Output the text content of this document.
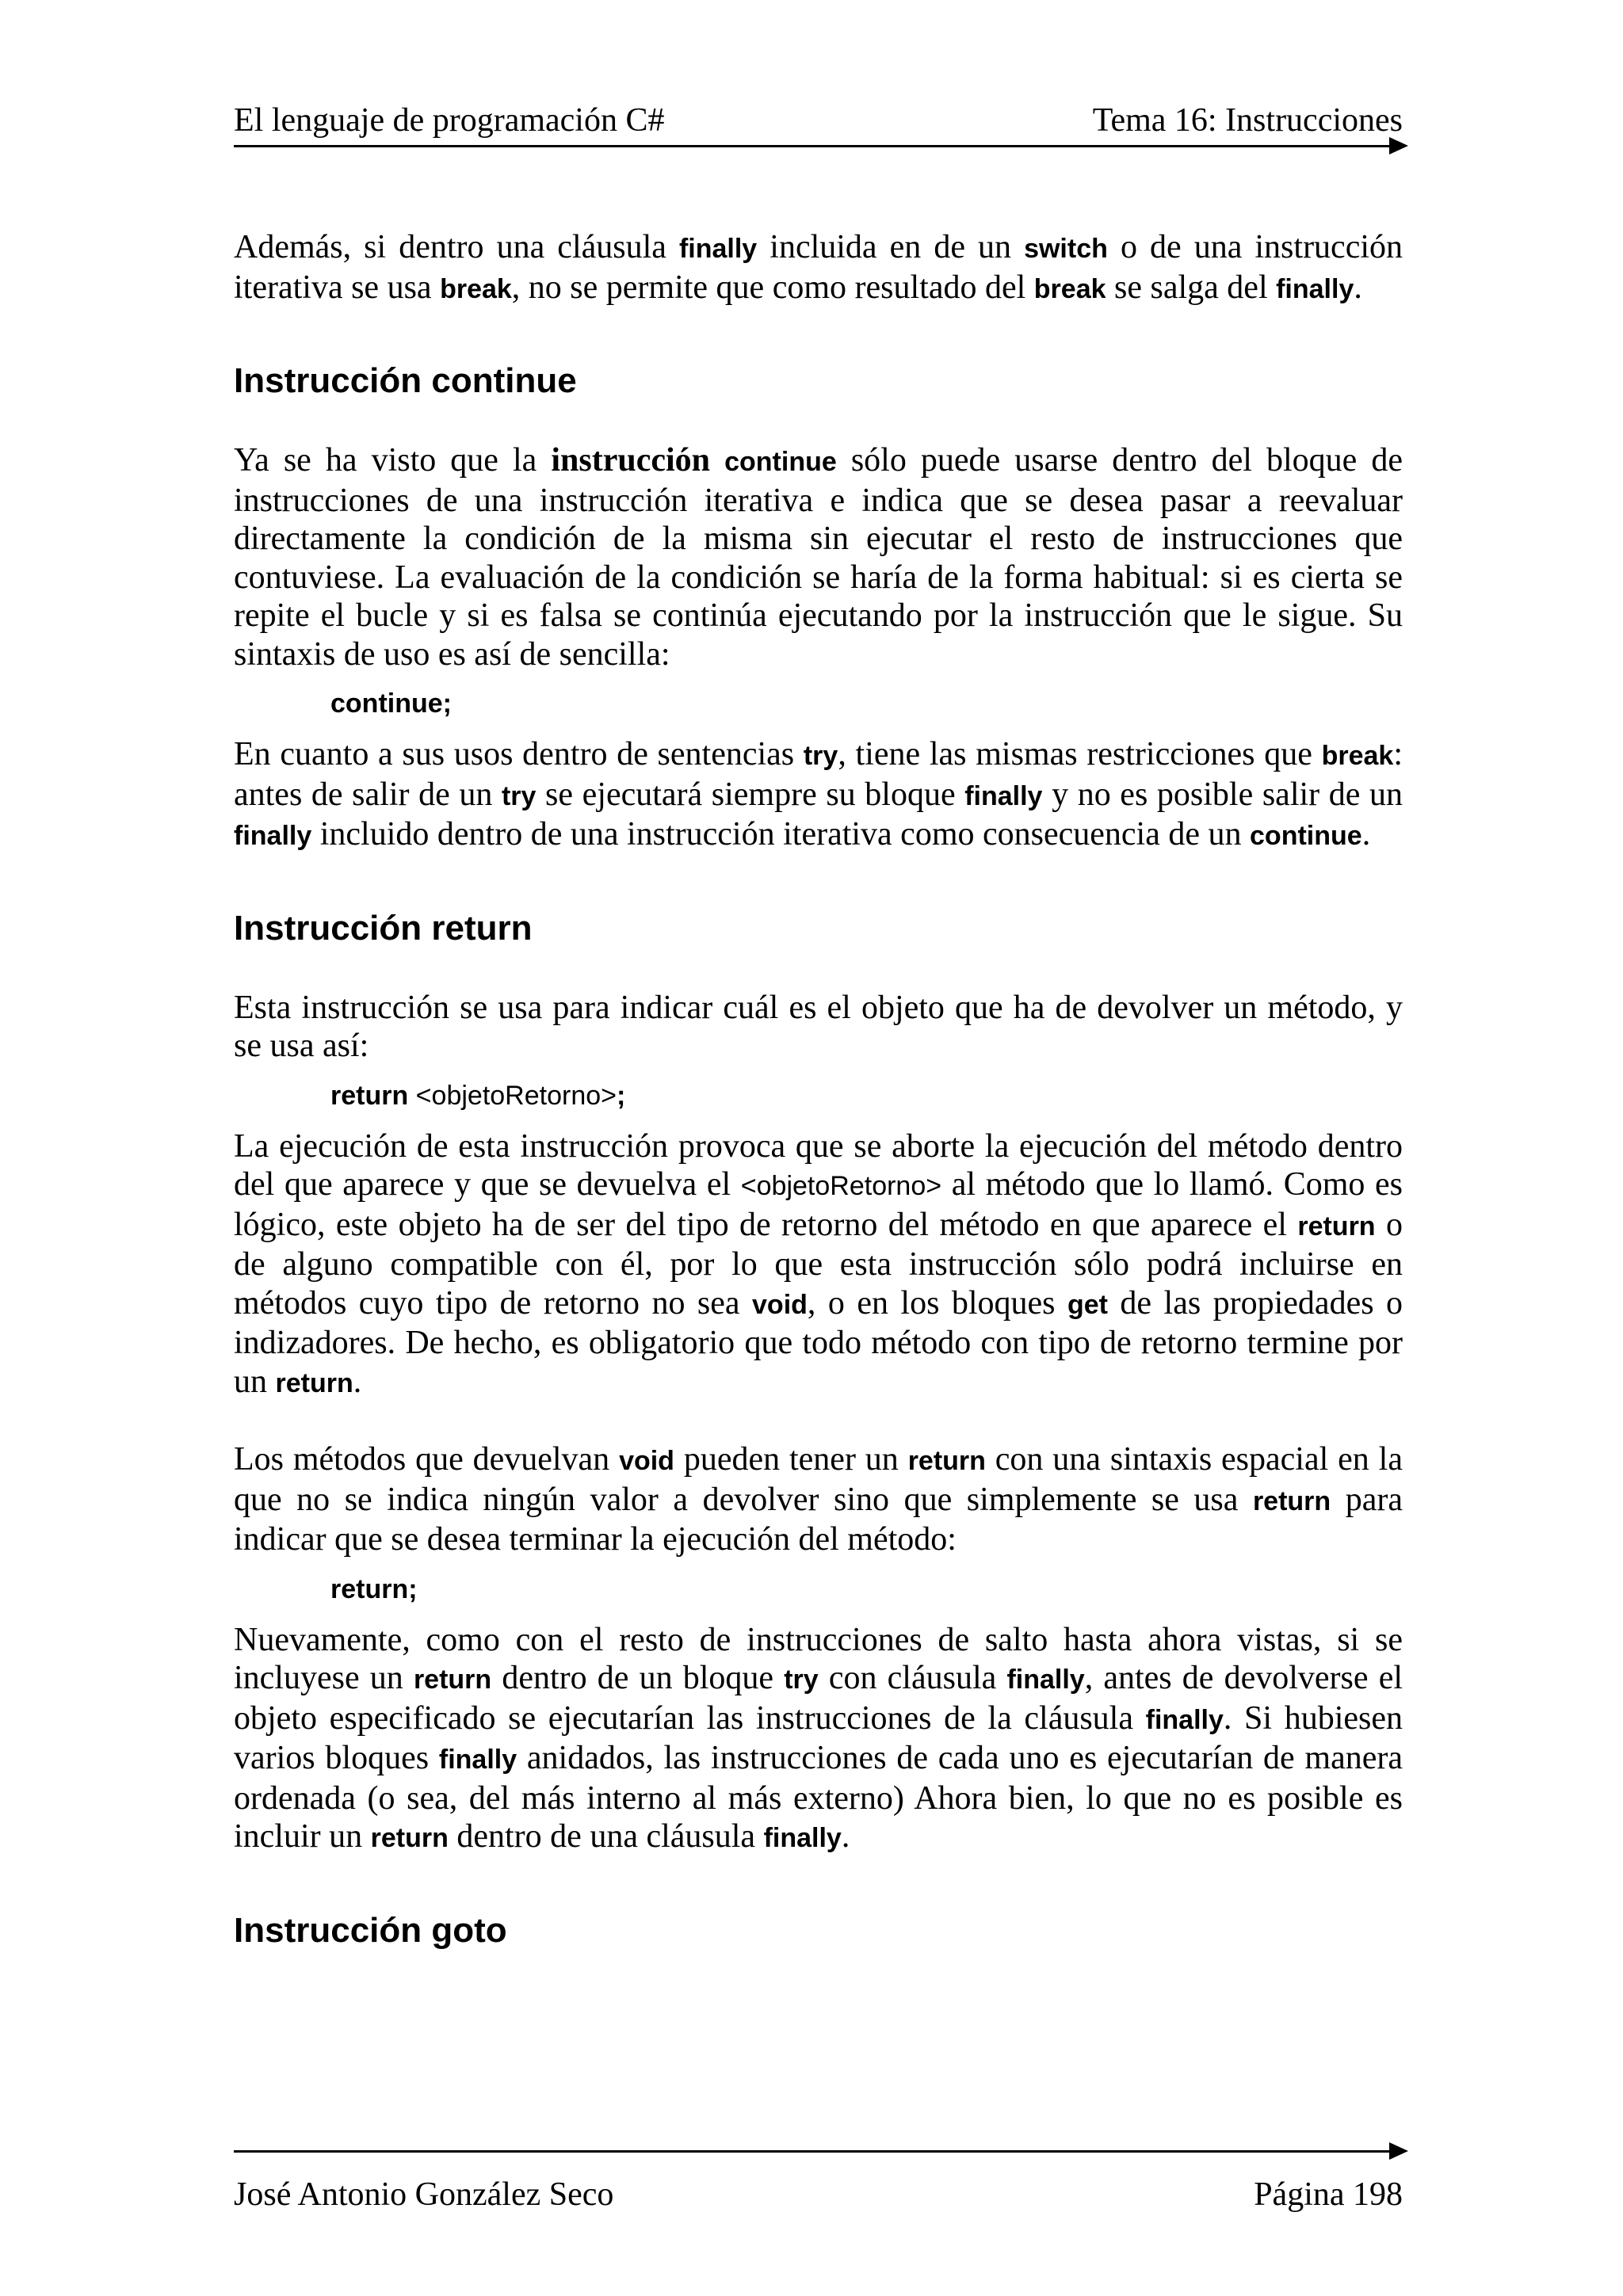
El lenguaje de programación C#	Tema 16: Instrucciones

Además, si dentro una cláusula finally incluida en de un switch o de una instrucción iterativa se usa break, no se permite que como resultado del break se salga del finally.

Instrucción continue

Ya se ha visto que la instrucción continue sólo puede usarse dentro del bloque de instrucciones de una instrucción iterativa e indica que se desea pasar a reevaluar directamente la condición de la misma sin ejecutar el resto de instrucciones que contuviese. La evaluación de la condición se haría de la forma habitual: si es cierta se repite el bucle y si es falsa se continúa ejecutando por la instrucción que le sigue. Su sintaxis de uso es así de sencilla:

continue;

En cuanto a sus usos dentro de sentencias try, tiene las mismas restricciones que break: antes de salir de un try se ejecutará siempre su bloque finally y no es posible salir de un finally incluido dentro de una instrucción iterativa como consecuencia de un continue.

Instrucción return

Esta instrucción se usa para indicar cuál es el objeto que ha de devolver un método, y se usa así:

return <objetoRetorno>;

La ejecución de esta instrucción provoca que se aborte la ejecución del método dentro del que aparece y que se devuelva el <objetoRetorno> al método que lo llamó. Como es lógico, este objeto ha de ser del tipo de retorno del método en que aparece el return o de alguno compatible con él, por lo que esta instrucción sólo podrá incluirse en métodos cuyo tipo de retorno no sea void, o en los bloques get de las propiedades o indizadores. De hecho, es obligatorio que todo método con tipo de retorno termine por un return.

Los métodos que devuelvan void pueden tener un return con una sintaxis espacial en la que no se indica ningún valor a devolver sino que simplemente se usa return para indicar que se desea terminar la ejecución del método:

return;

Nuevamente, como con el resto de instrucciones de salto hasta ahora vistas, si se incluyese un return dentro de un bloque try con cláusula finally, antes de devolverse el objeto especificado se ejecutarían las instrucciones de la cláusula finally. Si hubiesen varios bloques finally anidados, las instrucciones de cada uno es ejecutarían de manera ordenada (o sea, del más interno al más externo) Ahora bien, lo que no es posible es incluir un return dentro de una cláusula finally.

Instrucción goto
José Antonio González Seco	Página 198
